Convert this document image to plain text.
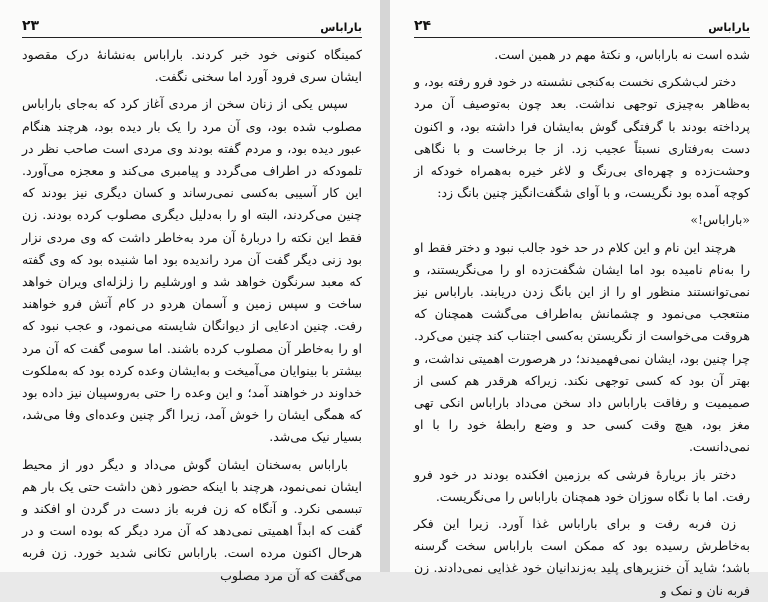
۲۳	باراباس

کمینگاه کنونی خود خبر کردند. باراباس به‌نشانهٔ درک مقصود ایشان سری فرود آورد اما سخنی نگفت.

سپس یکی از زنان سخن از مردی آغاز کرد که به‌جای باراباس مصلوب شده بود، وی آن مرد را یک بار دیده بود، هرچند هنگام عبور دیده بود، و مردم گفته بودند وی مردی است صاحب نظر در تلمودکه در اطراف می‌گردد و پیامبری می‌کند و معجزه می‌آورد. این کار آسیبی به‌کسی نمی‌رساند و کسان دیگری نیز بودند که چنین می‌کردند، البته او را به‌دلیل دیگری مصلوب کرده بودند. زن فقط این نکته را دربارهٔ آن مرد به‌خاطر داشت که وی مردی نزار بود زنی دیگر گفت آن مرد راندیده بود اما شنیده بود که وی گفته که معبد سرنگون خواهد شد و اورشلیم را زلزله‌ای ویران خواهد ساخت و سپس زمین و آسمان هردو در کام آتش فرو خواهند رفت. چنین ادعایی از دیوانگان شایسته می‌نمود، و عجب نبود که او را به‌خاطر آن مصلوب کرده باشند. اما سومی گفت که آن مرد بیشتر با بینوایان می‌آمیخت و به‌ایشان وعده کرده بود که به‌ملکوت خداوند در خواهند آمد؛ و این وعده را حتی به‌روسپیان نیز داده بود که همگی ایشان را خوش آمد، زیرا اگر چنین وعده‌ای وفا می‌شد، بسیار نیک می‌شد.

باراباس به‌سخنان ایشان گوش می‌داد و دیگر دور از محیط ایشان نمی‌نمود، هرچند با اینکه حضور ذهن داشت حتی یک بار هم تبسمی نکرد. و آنگاه که زن فربه باز دست در گردن او افکند و گفت که ابداً اهمیتی نمی‌دهد که آن مرد دیگر که بوده است و در هرحال اکنون مرده است. باراباس تکانی شدید خورد. زن فربه می‌گفت که آن مرد مصلوب

۲۴	باراباس

شده است نه باراباس، و نکتهٔ مهم در همین است.

دختر لب‌شکری نخست به‌کنجی نشسته در خود فرو رفته بود، و به‌ظاهر به‌چیزی توجهی نداشت. بعد چون به‌توصیف آن مرد پرداخته بودند با گرفتگی گوش به‌ایشان فرا داشته بود، و اکنون دست به‌رفتاری نسبتاً عجیب زد. از جا برخاست و با نگاهی وحشت‌زده و چهره‌ای بی‌رنگ و لاغر خیره به‌همراه خودکه از کوچه آمده بود نگریست، و با آوای شگفت‌انگیز چنین بانگ زد:

«باراباس!»

هرچند این نام و این کلام در حد خود جالب نبود و دختر فقط او را به‌نام نامیده بود اما ایشان شگفت‌زده او را می‌نگریستند، و نمی‌توانستند منظور او را از این بانگ زدن دریابند. باراباس نیز منتعجب می‌نمود و چشمانش به‌اطراف می‌گشت همچنان که هروقت می‌خواست از نگریستن به‌کسی اجتناب کند چنین می‌کرد. چرا چنین بود، ایشان نمی‌فهمیدند؛ در هرصورت اهمیتی نداشت، و بهتر آن بود که کسی توجهی نکند. زیراکه هرقدر هم کسی از صمیمیت و رفاقت باراباس داد سخن می‌داد باراباس انکی تهی مغز بود، هیچ وقت کسی حد و وضع رابطهٔ خود را با او نمی‌دانست.

دختر باز بریارهٔ فرشی که برزمین افکنده بودند در خود فرو رفت. اما با نگاه سوزان خود همچنان باراباس را می‌نگریست.

زن فربه رفت و برای باراباس غذا آورد. زیرا این فکر به‌خاطرش رسیده بود که ممکن است باراباس سخت گرسنه باشد؛ شاید آن خنزیرهای پلید به‌زندانیان خود غذایی نمی‌دادند. زن فربه نان و نمک و
